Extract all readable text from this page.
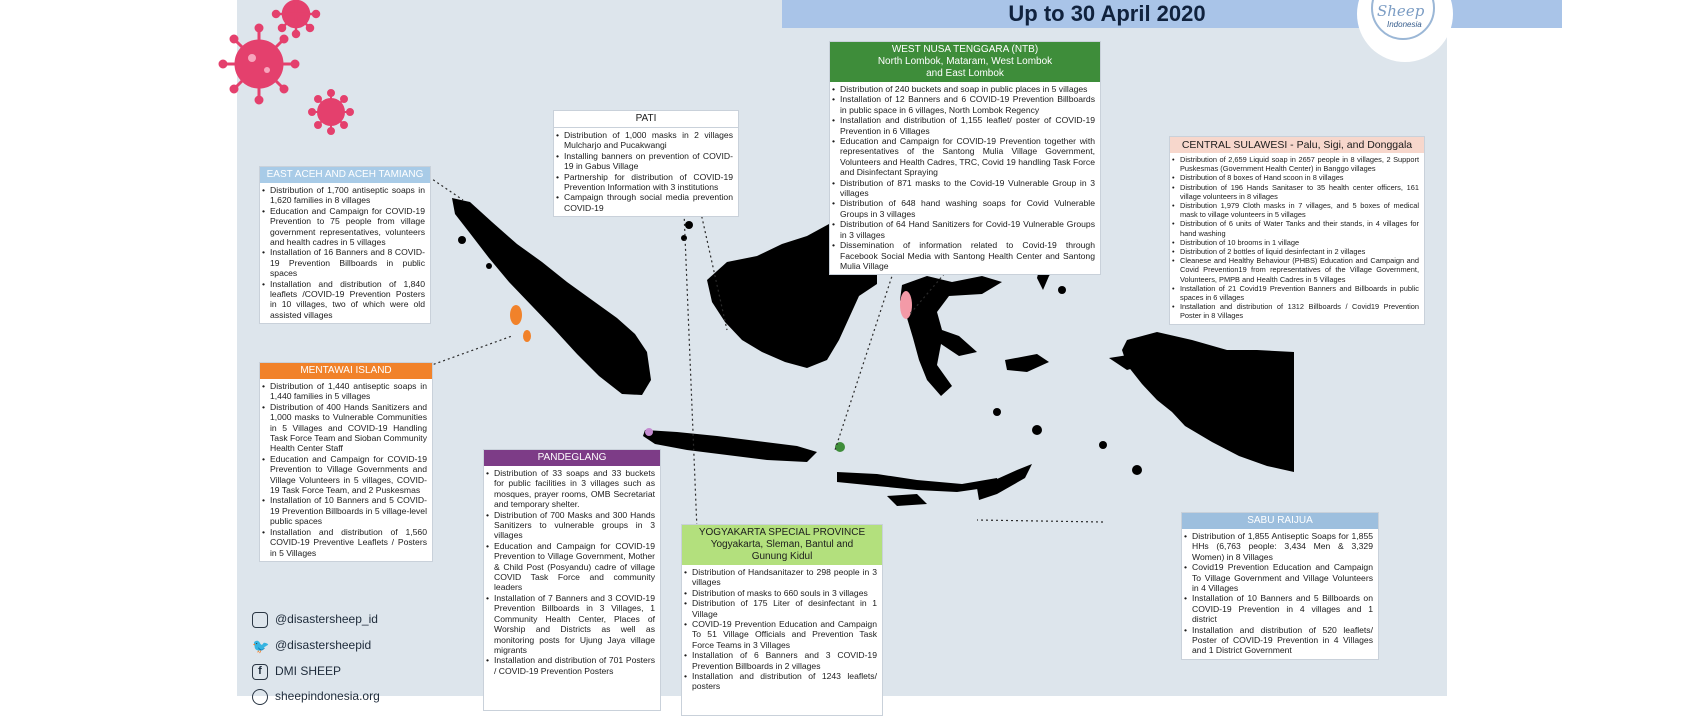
Up to 30 April 2020	Sheep
Indonesia
WEST NUSA TENGGARA (NTB)
North Lombok, Mataram, West Lombok
and East Lombok
• Distribution of 240 buckets and soap in public places in 5 villages
• Installation of 12 Banners and 6 COVID-19 Prevention Billboards in public space in 6 villages, North Lombok Regency
• Installation and distribution of 1,155 leaflet/ poster of COVID-19 Prevention in 6 Villages
• Education and Campaign for COVID-19 Prevention together with representatives of the Santong Mulia Village Government, Volunteers and Health Cadres, TRC, Covid 19 handling Task Force and Disinfectant Spraying
• Distribution of 871 masks to the Covid-19 Vulnerable Group in 3 villages
• Distribution of 648 hand washing soaps for Covid Vulnerable Groups in 3 villages
• Distribution of 64 Hand Sanitizers for Covid-19 Vulnerable Groups in 3 villages
• Dissemination of information related to Covid-19 through Facebook Social Media with Santong Health Center and Santong Mulia Village
PATI
• Distribution of 1,000 masks in 2 villages Mulcharjo and Pucakwangi
• Installing banners on prevention of COVID-19 in Gabus Village
• Partnership for distribution of COVID-19 Prevention Information with 3 institutions
• Campaign through social media prevention COVID-19
CENTRAL SULAWESI - Palu, Sigi, and Donggala
• Distribution of 2,659 Liquid soap in 2657 people in 8 villages, 2 Support Puskesmas (Government Health Center) in Banggo villages
• Distribution of 8 boxes of Hand scoon in 8 villages
• Distribution of 196 Hands Sanitaser to 35 health center officers, 161 village volunteers in 8 villages
• Distribution 1,979 Cloth masks in 7 villages, and 5 boxes of medical mask to village volunteers in 5 villages
• Distribution of 6 units of Water Tanks and their stands, in 4 villages for hand washing
• Distribution of 10 brooms in 1 village
• Distribution of 2 bottles of liquid desinfectant in 2 villages
• Cleanese and Healthy Behaviour (PHBS) Education and Campaign and Covid Prevention19 from representatives of the Village Government, Volunteers, PMPB and Health Cadres in 5 Villages
• Installation of 21 Covid19 Prevention Banners and Billboards in public spaces in 6 villages
• Installation and distribution of 1312 Billboards / Covid19 Prevention Poster in 8 Villages
EAST ACEH AND ACEH TAMIANG
• Distribution of 1,700 antiseptic soaps in 1,620 families in 8 villages
• Education and Campaign for COVID-19 Prevention to 75 people from village government representatives, volunteers and health cadres in 5 villages
• Installation of 16 Banners and 8 COVID-19 Prevention Billboards in public spaces
• Installation and distribution of 1,840 leaflets /COVID-19 Prevention Posters in 10 villages, two of which were old assisted villages
MENTAWAI ISLAND
• Distribution of 1,440 antiseptic soaps in 1,440 families in 5 villages
• Distribution of 400 Hands Sanitizers and 1,000 masks to Vulnerable Communities in 5 Villages and COVID-19 Handling Task Force Team and Sioban Community Health Center Staff
• Education and Campaign for COVID-19 Prevention to Village Governments and Village Volunteers in 5 villages, COVID-19 Task Force Team, and 2 Puskesmas
• Installation of 10 Banners and 5 COVID-19 Prevention Billboards in 5 village-level public spaces
• Installation and distribution of 1,560 COVID-19 Preventive Leaflets / Posters in 5 Villages
PANDEGLANG
• Distribution of 33 soaps and 33 buckets for public facilities in 3 villages such as mosques, prayer rooms, OMB Secretariat and temporary shelter.
• Distribution of 700 Masks and 300 Hands Sanitizers to vulnerable groups in 3 villages
• Education and Campaign for COVID-19 Prevention to Village Government, Mother & Child Post (Posyandu) cadre of village COVID Task Force and community leaders
• Installation of 7 Banners and 3 COVID-19 Prevention Billboards in 3 Villages, 1 Community Health Center, Places of Worship and Districts as well as monitoring posts for Ujung Jaya village migrants
• Installation and distribution of 701 Posters / COVID-19 Prevention Posters
YOGYAKARTA SPECIAL PROVINCE
Yogyakarta, Sleman, Bantul and
Gunung Kidul
• Distribution of Handsanitazer to 298 people in 3 villages
• Distribution of masks to 660 souls in 3 villages
• Distribution of 175 Liter of desinfectant in 1 Village
• COVID-19 Prevention Education and Campaign To 51 Village Officials and Prevention Task Force Teams in 3 Villages
• Installation of 6 Banners and 3 COVID-19 Prevention Billboards in 2 villages
• Installation and distribution of 1243 leaflets/ posters
SABU RAIJUA
• Distribution of 1,855 Antiseptic Soaps for 1,855 HHs (6,763 people: 3,434 Men & 3,329 Women) in 8 Villages
• Covid19 Prevention Education and Campaign To Village Government and Village Volunteers in 4 Villages
• Installation of 10 Banners and 5 Billboards on COVID-19 Prevention in 4 villages and 1 district
• Installation and distribution of 520 leaflets/ Poster of COVID-19 Prevention in 4 Villages and 1 District Government
@disastersheep_id
🐦 @disastersheepid
f DMI SHEEP
sheepindonesia.org
